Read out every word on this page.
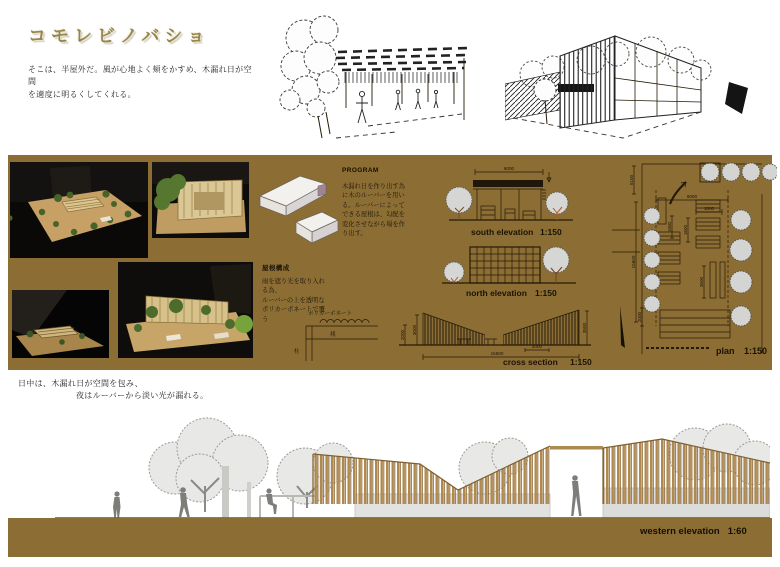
コモレビノバショ
そこは、半屋外だ。風が心地よく頬をかすめ、木漏れ日が空間
を適度に明るくしてくれる。
PROGRAM
木漏れ日を作り出す為
に木のルーバーを用い
る。ルーバーによって
できる屋根は、勾配を
変化させながら場を作
り出す。
屋根構成
雨を遮り光を取り入れ
る為、
ルーバーの上を透明な
ポリカーボネートで覆
う
ポリカーボネート
桟
柱
6000
south elevation 1:150
north elevation 1:150
2000 3000
2000
15600
3500
cross section 1:150
5100
6000
1800
1800 1600
15600
3600
2000
plan 1:150
日中は、木漏れ日が空間を包み、
夜はルーバーから淡い光が漏れる。
western elevation 1:60
